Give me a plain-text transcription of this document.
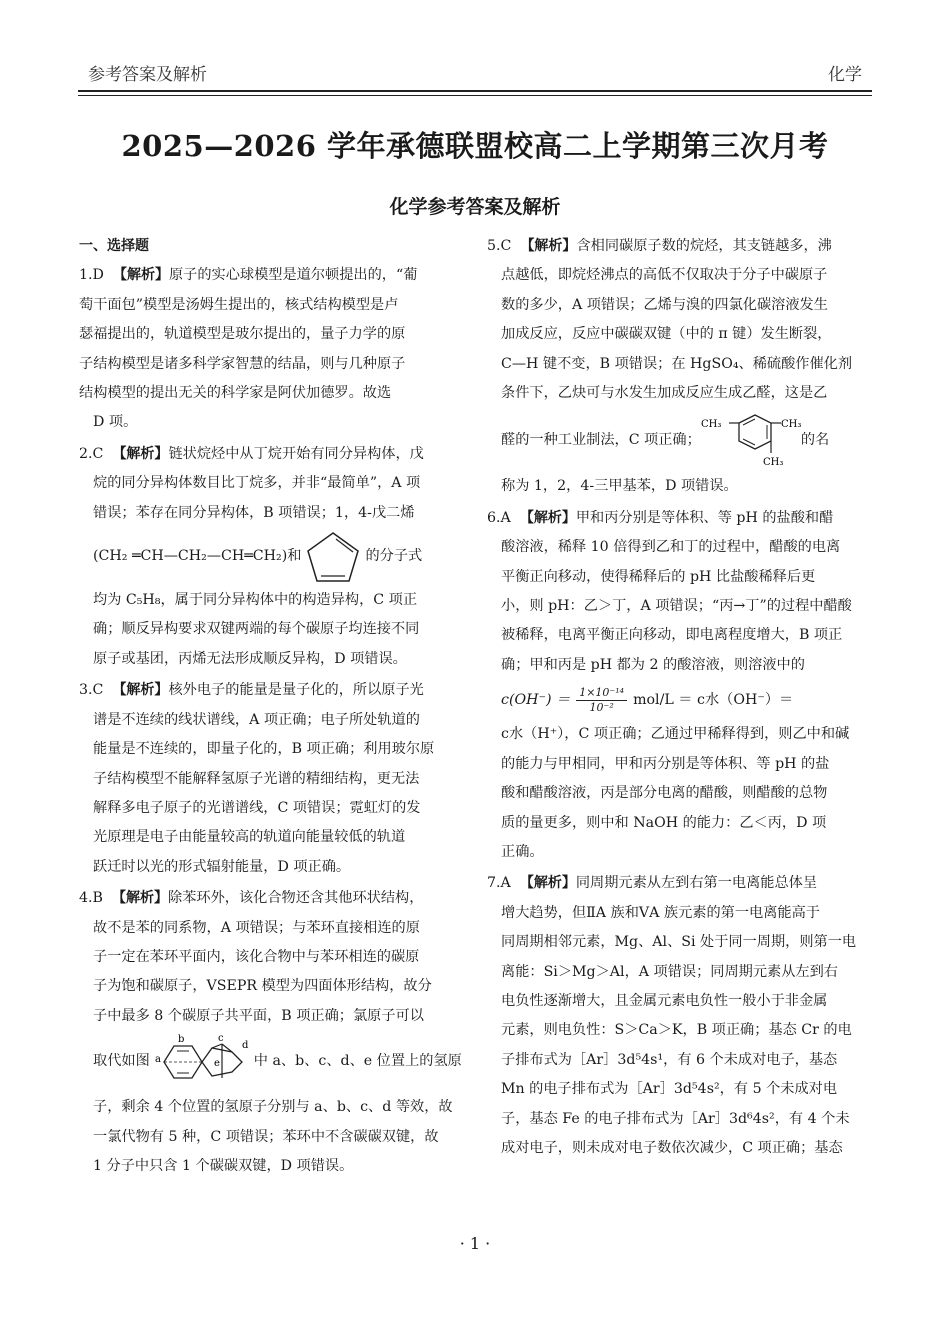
参考答案及解析	化学
2025—2026 学年承德联盟校高二上学期第三次月考
化学参考答案及解析
一、选择题
1.D 【解析】原子的实心球模型是道尔顿提出的，“葡
萄干面包”模型是汤姆生提出的，核式结构模型是卢
瑟福提出的，轨道模型是玻尔提出的，量子力学的原
子结构模型是诸多科学家智慧的结晶，则与几种原子
结构模型的提出无关的科学家是阿伏加德罗。故选
D 项。
2.C 【解析】链状烷烃中从丁烷开始有同分异构体，戊
烷的同分异构体数目比丁烷多，并非“最简单”，A 项
错误；苯存在同分异构体，B 项错误；1，4-戊二烯
(CH₂ ═CH—CH₂—CH═CH₂)和	的分子式
均为 C₅H₈，属于同分异构体中的构造异构，C 项正
确；顺反异构要求双键两端的每个碳原子均连接不同
原子或基团，丙烯无法形成顺反异构，D 项错误。
3.C 【解析】核外电子的能量是量子化的，所以原子光
谱是不连续的线状谱线，A 项正确；电子所处轨道的
能量是不连续的，即量子化的，B 项正确；利用玻尔原
子结构模型不能解释氢原子光谱的精细结构，更无法
解释多电子原子的光谱谱线，C 项错误；霓虹灯的发
光原理是电子由能量较高的轨道向能量较低的轨道
跃迁时以光的形式辐射能量，D 项正确。
4.B 【解析】除苯环外，该化合物还含其他环状结构，
故不是苯的同系物，A 项错误；与苯环直接相连的原
子一定在苯环平面内，该化合物中与苯环相连的碳原
子为饱和碳原子，VSEPR 模型为四面体形结构，故分
子中最多 8 个碳原子共平面，B 项正确；氯原子可以
取代如图 a
b	c
d
e 中 a、b、c、d、e 位置上的氢原
子，剩余 4 个位置的氢原子分别与 a、b、c、d 等效，故
一氯代物有 5 种，C 项错误；苯环中不含碳碳双键，故
1 分子中只含 1 个碳碳双键，D 项错误。
5.C 【解析】含相同碳原子数的烷烃，其支链越多，沸
点越低，即烷烃沸点的高低不仅取决于分子中碳原子
数的多少，A 项错误；乙烯与溴的四氯化碳溶液发生
加成反应，反应中碳碳双键（中的 π 键）发生断裂，
C—H 键不变，B 项错误；在 HgSO₄、稀硫酸作催化剂
条件下，乙炔可与水发生加成反应生成乙醛，这是乙
醛的一种工业制法，C 项正确；
CH₃	CH₃
CH₃
的名
称为 1，2，4-三甲基苯，D 项错误。
6.A 【解析】甲和丙分别是等体积、等 pH 的盐酸和醋
酸溶液，稀释 10 倍得到乙和丁的过程中，醋酸的电离
平衡正向移动，使得稀释后的 pH 比盐酸稀释后更
小，则 pH：乙＞丁，A 项错误；“丙→丁”的过程中醋酸
被稀释，电离平衡正向移动，即电离程度增大，B 项正
确；甲和丙是 pH 都为 2 的酸溶液，则溶液中的
$c(OH^-) = \frac{\text{1×10⁻¹⁴}}{\text{10⁻²}} mol/L = c$水（OH⁻）＝
c水（H⁺），C 项正确；乙通过甲稀释得到，则乙中和碱
的能力与甲相同，甲和丙分别是等体积、等 pH 的盐
酸和醋酸溶液，丙是部分电离的醋酸，则醋酸的总物
质的量更多，则中和 NaOH 的能力：乙＜丙，D 项
正确。
7.A 【解析】同周期元素从左到右第一电离能总体呈
增大趋势，但ⅡA 族和ⅤA 族元素的第一电离能高于
同周期相邻元素，Mg、Al、Si 处于同一周期，则第一电
离能：Si＞Mg＞Al，A 项错误；同周期元素从左到右
电负性逐渐增大，且金属元素电负性一般小于非金属
元素，则电负性：S＞Ca＞K，B 项正确；基态 Cr 的电
子排布式为［Ar］3d⁵4s¹，有 6 个未成对电子，基态
Mn 的电子排布式为［Ar］3d⁵4s²，有 5 个未成对电
子，基态 Fe 的电子排布式为［Ar］3d⁶4s²，有 4 个未
成对电子，则未成对电子数依次减少，C 项正确；基态
· 1 ·
